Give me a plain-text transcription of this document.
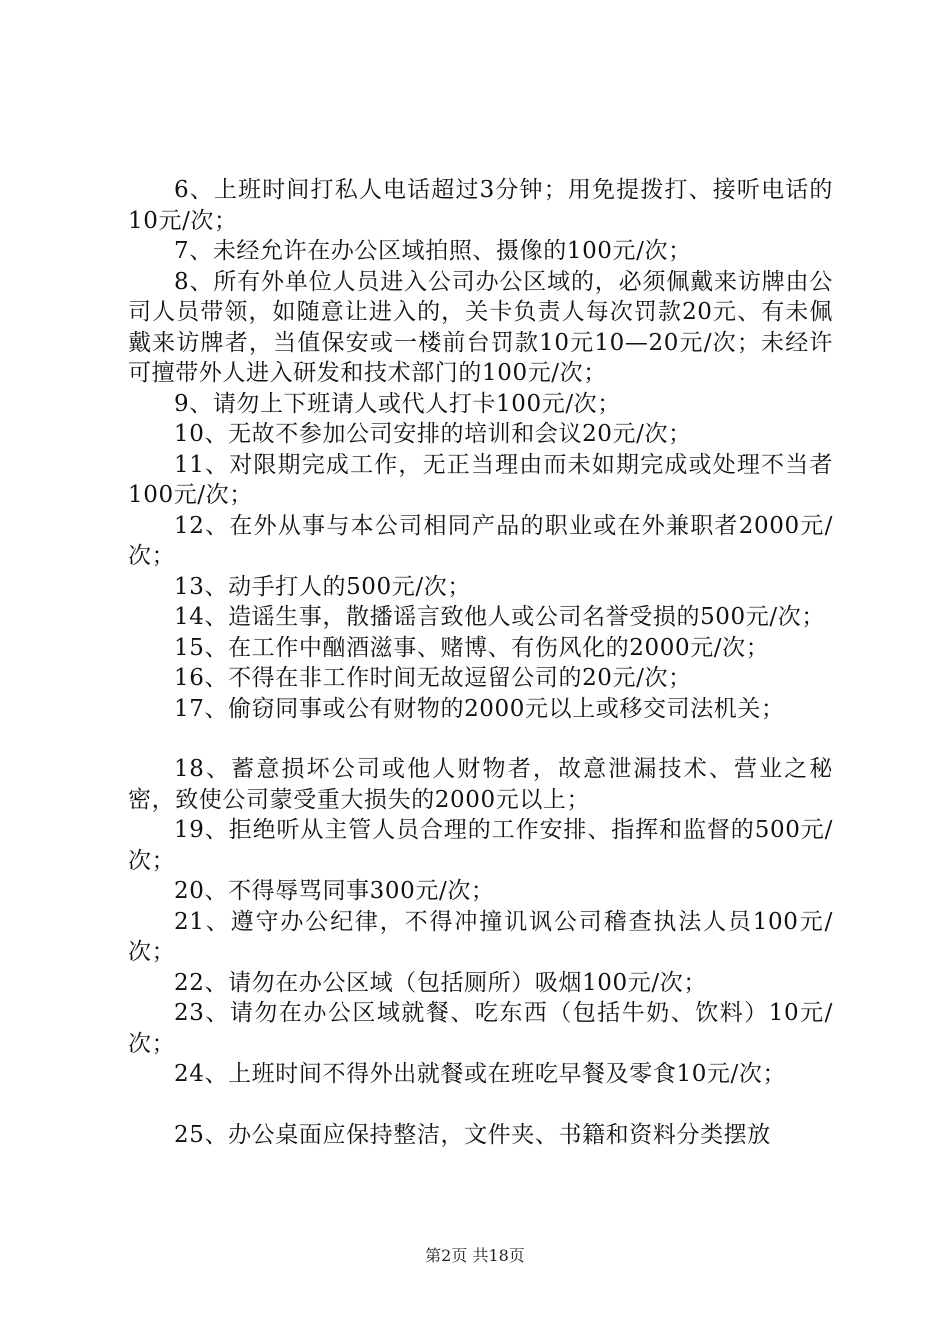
6、上班时间打私人电话超过3分钟；用免提拨打、接听电话的10元/次；

7、未经允许在办公区域拍照、摄像的100元/次；

8、所有外单位人员进入公司办公区域的，必须佩戴来访牌由公司人员带领，如随意让进入的，关卡负责人每次罚款20元、有未佩戴来访牌者，当值保安或一楼前台罚款10元10—20元/次；未经许可擅带外人进入研发和技术部门的100元/次；

9、请勿上下班请人或代人打卡100元/次；

10、无故不参加公司安排的培训和会议20元/次；

11、对限期完成工作，无正当理由而未如期完成或处理不当者100元/次；

12、在外从事与本公司相同产品的职业或在外兼职者2000元/次；

13、动手打人的500元/次；

14、造谣生事，散播谣言致他人或公司名誉受损的500元/次；

15、在工作中酗酒滋事、赌博、有伤风化的2000元/次；

16、不得在非工作时间无故逗留公司的20元/次；

17、偷窃同事或公有财物的2000元以上或移交司法机关；

18、蓄意损坏公司或他人财物者，故意泄漏技术、营业之秘密，致使公司蒙受重大损失的2000元以上；

19、拒绝听从主管人员合理的工作安排、指挥和监督的500元/次；

20、不得辱骂同事300元/次；

21、遵守办公纪律，不得冲撞讥讽公司稽查执法人员100元/次；

22、请勿在办公区域（包括厕所）吸烟100元/次；

23、请勿在办公区域就餐、吃东西（包括牛奶、饮料）10元/次；

24、上班时间不得外出就餐或在班吃早餐及零食10元/次；

25、办公桌面应保持整洁，文件夹、书籍和资料分类摆放

第2页 共18页
